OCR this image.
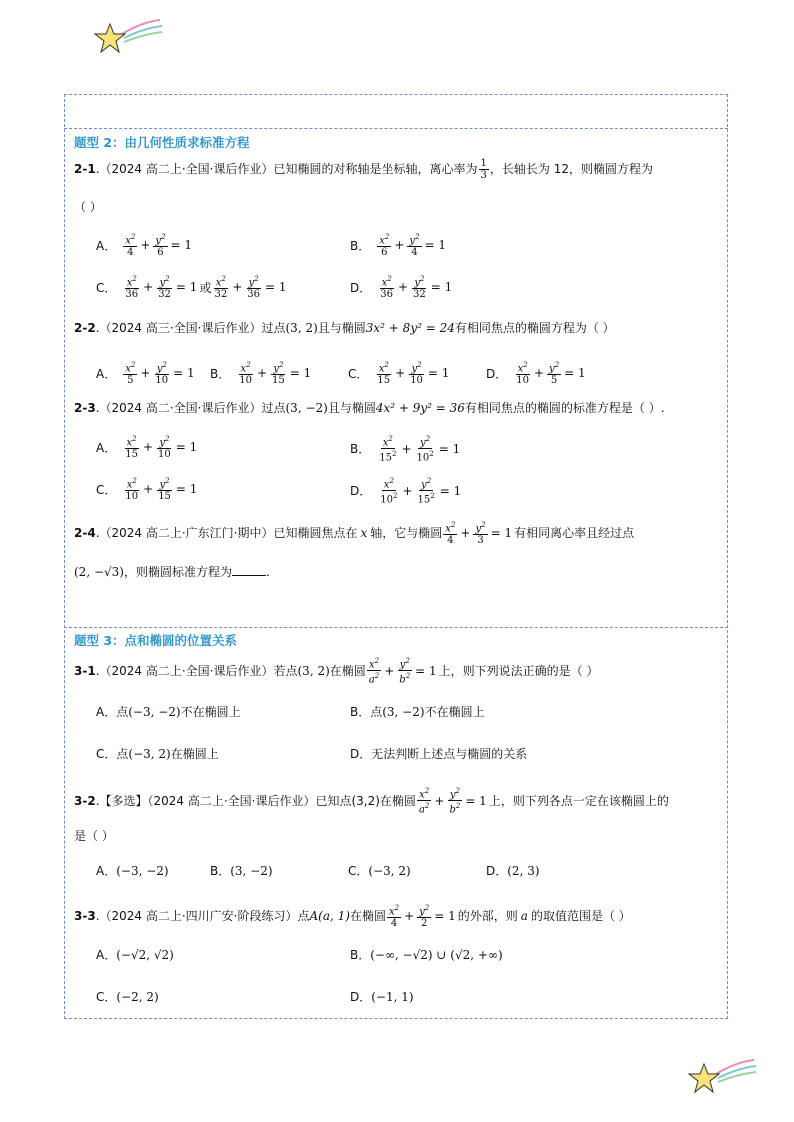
题型 2：由几何性质求标准方程
2-1.（2024 高二上·全国·课后作业）已知椭圆的对称轴是坐标轴，离心率为 $\frac{1}{3}$ ，长轴长为 12，则椭圆方程为
（ ）
A． $\frac{x^2}{4} + \frac{y^2}{6} = 1$	B． $\frac{x^2}{6} + \frac{y^2}{4} = 1$
C． $\frac{x^2}{36} + \frac{y^2}{32} = 1$ 或 $\frac{x^2}{32} + \frac{y^2}{36} = 1$	D． $\frac{x^2}{36} + \frac{y^2}{32} = 1$
2-2.（2024 高三·全国·课后作业）过点(3, 2)且与椭圆3x² + 8y² = 24有相同焦点的椭圆方程为（ ）
A． $\frac{x^2}{5} + \frac{y^2}{10} = 1$ B． $\frac{x^2}{10} + \frac{y^2}{15} = 1$	C． $\frac{x^2}{15} + \frac{y^2}{10} = 1$	D． $\frac{x^2}{10} + \frac{y^2}{5} = 1$
2-3.（2024 高二·全国·课后作业）过点(3, −2)且与椭圆4x² + 9y² = 36有相同焦点的椭圆的标准方程是（ ）.
A． $\frac{x^2}{15} + \frac{y^2}{10} = 1$	B． $\frac{x^2}{15^2} + \frac{y^2}{10^2} = 1$
C． $\frac{x^2}{10} + \frac{y^2}{15} = 1$	D． $\frac{x^2}{10^2} + \frac{y^2}{15^2} = 1$
2-4 .（2024 高二上·广东江门·期中）已知椭圆焦点在 x 轴，它与椭圆 $\frac{x^2}{4} + \frac{y^2}{3} = 1$ 有相同离心率且经过点
(2, −√3)，则椭圆标准方程为	.
题型 3：点和椭圆的位置关系
3-1 .（2024 高二上·全国·课后作业）若点 (3, 2) 在椭圆 $\frac{x^2}{a^2} + \frac{y^2}{b^2} = 1$ 上，则下列说法正确的是（ ）
A．点 (−3, −2) 不在椭圆上	B．点 (3, −2) 不在椭圆上
C．点 (−3, 2) 在椭圆上	D．无法判断上述点与椭圆的关系
3-2 .【多选】（2024 高二上·全国·课后作业）已知点(3,2)在椭圆 $\frac{x^2}{a^2} + \frac{y^2}{b^2} = 1$ 上，则下列各点一定在该椭圆上的
是（ ）
A． (−3, −2)	B． (3, −2)	C． (−3, 2)	D． (2, 3)
3-3 .（2024 高二上·四川广安·阶段练习）点 A(a, 1) 在椭圆 $\frac{x^2}{4} + \frac{y^2}{2} = 1$ 的外部，则 a 的取值范围是（ ）
A． (−√2, √2)	B． (−∞, −√2) ∪ (√2, +∞)
C． (−2, 2)	D． (−1, 1)
